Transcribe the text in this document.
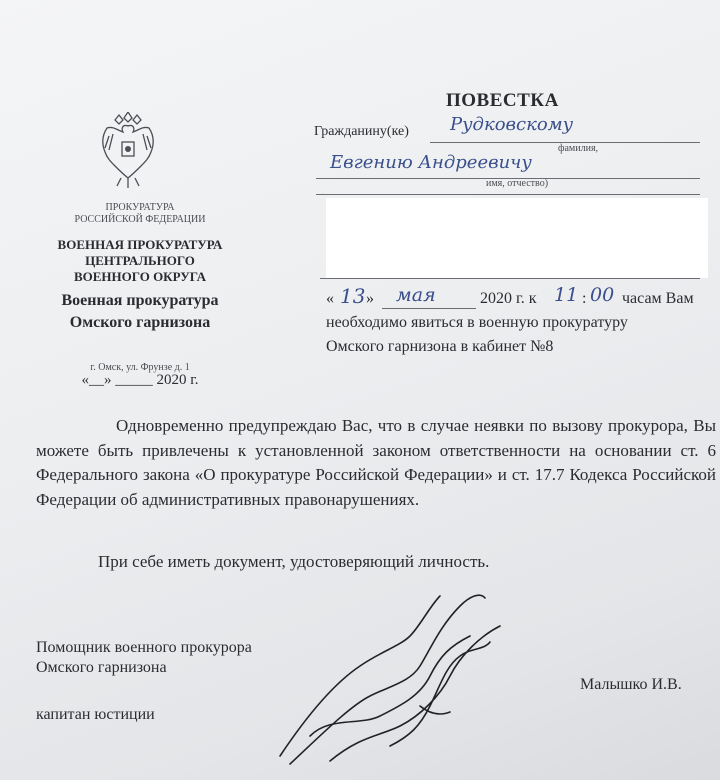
ПРОКУРАТУРА
РОССИЙСКОЙ ФЕДЕРАЦИИ
ВОЕННАЯ ПРОКУРАТУРА
ЦЕНТРАЛЬНОГО
ВОЕННОГО ОКРУГА
Военная прокуратура
Омского гарнизона
г. Омск, ул. Фрунзе д. 1
«__» _____ 2020 г.
ПОВЕСТКА
Гражданину(ке) Рудковскому
фамилия,
Евгению Андреевичу
имя, отчество)
« 13 » мая	2020 г. к 11 : 00 часам Вам
необходимо явиться в военную прокуратуру
Омского гарнизона в кабинет №8
Одновременно предупреждаю Вас, что в случае неявки по вызову прокурора, Вы можете быть привлечены к установленной законом ответственности на основании ст. 6 Федерального закона «О прокуратуре Российской Федерации» и ст. 17.7 Кодекса Российской Федерации об административных правонарушениях.
При себе иметь документ, удостоверяющий личность.
Помощник военного прокурора
Омского гарнизона
капитан юстиции
Малышко И.В.
